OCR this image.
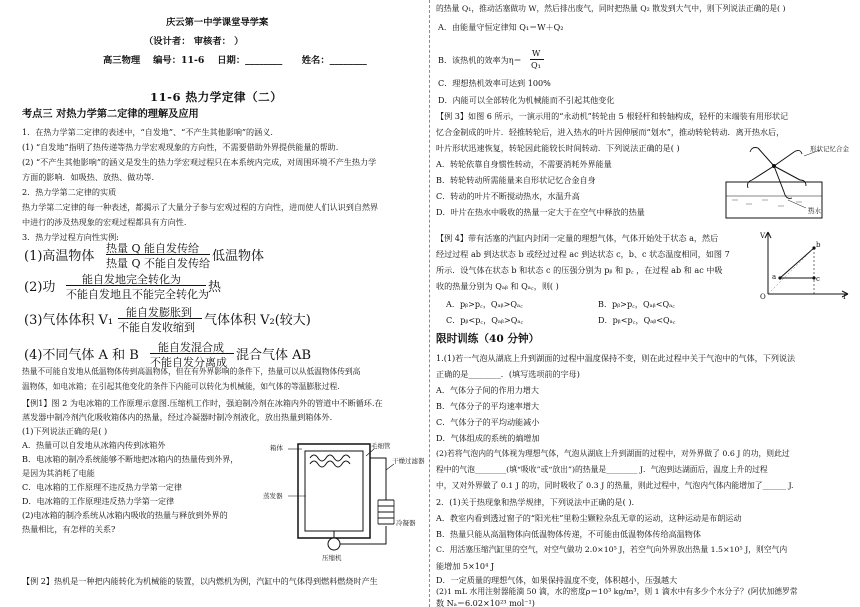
庆云第一中学课堂导学案
（设计者： 审核者： ）
高三物理    编号：11-6    日期：________      姓名：________
11-6 热力学定律（二）
考点三 对热力学第二定律的理解及应用
1．在热力学第二定律的表述中，“自发地”、“不产生其他影响”的涵义.
(1) “自发地”指明了热传递等热力学宏观现象的方向性，不需要借助外界提供能量的帮助.
(2) “不产生其他影响”的涵义是发生的热力学宏观过程只在本系统内完成，对周围环境不产生热力学
方面的影响．如吸热、放热、做功等.
2．热力学第二定律的实质
热力学第二定律的每一种表述，都揭示了大量分子参与宏观过程的方向性，进而使人们认识到自然界
中进行的涉及热现象的宏观过程都具有方向性.
3．热力学过程方向性实例:
(1)高温物体
热量 Q 能自发传给
热量 Q 不能自发传给 低温物体
(2)功
能自发地完全转化为
不能自发地且不能完全转化为 热
(3)气体体积 V₁
能自发膨胀到
不能自发收缩到 气体体积 V₂(较大)
(4)不同气体 A 和 B
能自发混合成
不能自发分离成 混合气体 AB
热量不可能自发地从低温物体传到高温物体，但在有外界影响的条件下，热量可以从低温物体传到高
温物体，如电冰箱；在引起其他变化的条件下内能可以转化为机械能，如气体的等温膨胀过程.
【例1】图 2 为电冰箱的工作原理示意图.压缩机工作时，强迫制冷剂在冰箱内外的管道中不断循环.在
蒸发器中制冷剂汽化吸收箱体内的热量，经过冷凝器时制冷剂液化，放出热量到箱体外.
(1)下列说法正确的是( )
A．热量可以自发地从冰箱内传到冰箱外
B．电冰箱的制冷系统能够不断地把冰箱内的热量传到外界，
是因为其消耗了电能
C．电冰箱的工作原理不违反热力学第一定律
D．电冰箱的工作原理违反热力学第一定律
(2)电冰箱的制冷系统从冰箱内吸收的热量与释放到外界的
热量相比，有怎样的关系?
箱体
蒸发器
毛细管
干燥过滤器
冷凝器
压缩机
【例 2】热机是一种把内能转化为机械能的装置，以内燃机为例，汽缸中的气体得到燃料燃烧时产生
的热量 Q₁，推动活塞做功 W，然后排出废气，同时把热量 Q₂ 散发到大气中，则下列说法正确的是( )
A．由能量守恒定律知 Q₁＝W＋Q₂
B．该热机的效率为η＝
W
Q₁
C．理想热机效率可达到 100%
D．内能可以全部转化为机械能而不引起其他变化
【例 3】如图 6 所示，一演示用的“永动机”转轮由 5 根轻杆和转轴构成，轻杆的末端装有用形状记
忆合金制成的叶片．轻推转轮后，进入热水的叶片因伸展而“划水”，推动转轮转动．离开热水后，
叶片形状迅速恢复，转轮因此能较长时间转动．下列说法正确的是( )
A．转轮依靠自身惯性转动，不需要消耗外界能量
B．转轮转动所需能量来自形状记忆合金自身
C．转动的叶片不断搅动热水，水温升高
D．叶片在热水中吸收的热量一定大于在空气中释放的热量
形状记忆合金
热水
【例 4】带有活塞的汽缸内封闭一定量的理想气体，气体开始处于状态 a，然后
经过过程 ab 到达状态 b 或经过过程 ac 到达状态 c，b、c 状态温度相同，如图 7
所示．设气体在状态 b 和状态 c 的压强分别为 pᵦ 和 p꜀ ，在过程 ab 和 ac 中吸
收的热量分别为 Qₐᵦ 和 Qₐ꜀，则( )
A．pᵦ>p꜀，Qₐᵦ>Qₐ꜀	B．pᵦ>p꜀，Qₐᵦ<Qₐ꜀
C．pᵦ<p꜀，Qₐᵦ>Qₐ꜀	D．pᵦ<p꜀，Qₐᵦ<Qₐ꜀
V
T
O
a
b
c
限时训练（40 分钟）
1.(1)若一气泡从湖底上升到湖面的过程中温度保持不变，则在此过程中关于气泡中的气体，下列说法
正确的是________．(填写选项前的字母)
A．气体分子间的作用力增大
B．气体分子的平均速率增大
C．气体分子的平均动能减小
D．气体组成的系统的熵增加
(2)若将气泡内的气体视为理想气体，气泡从湖底上升到湖面的过程中，对外界做了 0.6 J 的功，则此过
程中的气泡________(填“吸收”或“放出”)的热量是________ J．气泡到达湖面后，温度上升的过程
中，又对外界做了 0.1 J 的功，同时吸收了 0.3 J 的热量，则此过程中，气泡内气体内能增加了______ J.
2．(1)关于热现象和热学规律，下列说法中正确的是( ).
A．教室内看到透过窗子的“阳光柱”里粉尘颗粒杂乱无章的运动，这种运动是布朗运动
B．热量只能从高温物体向低温物体传递，不可能由低温物体传给高温物体
C．用活塞压缩汽缸里的空气，对空气做功 2.0×10⁵ J，若空气向外界放出热量 1.5×10⁵ J，则空气内
能增加 5×10⁴ J
D．一定质量的理想气体，如果保持温度不变，体积越小，压强越大
(2)1 mL 水用注射器能滴 50 滴，水的密度ρ＝10³ kg/m³，则 1 滴水中有多少个水分子？(阿伏加德罗常
数 Nₐ＝6.02×10²³ mol⁻¹)
